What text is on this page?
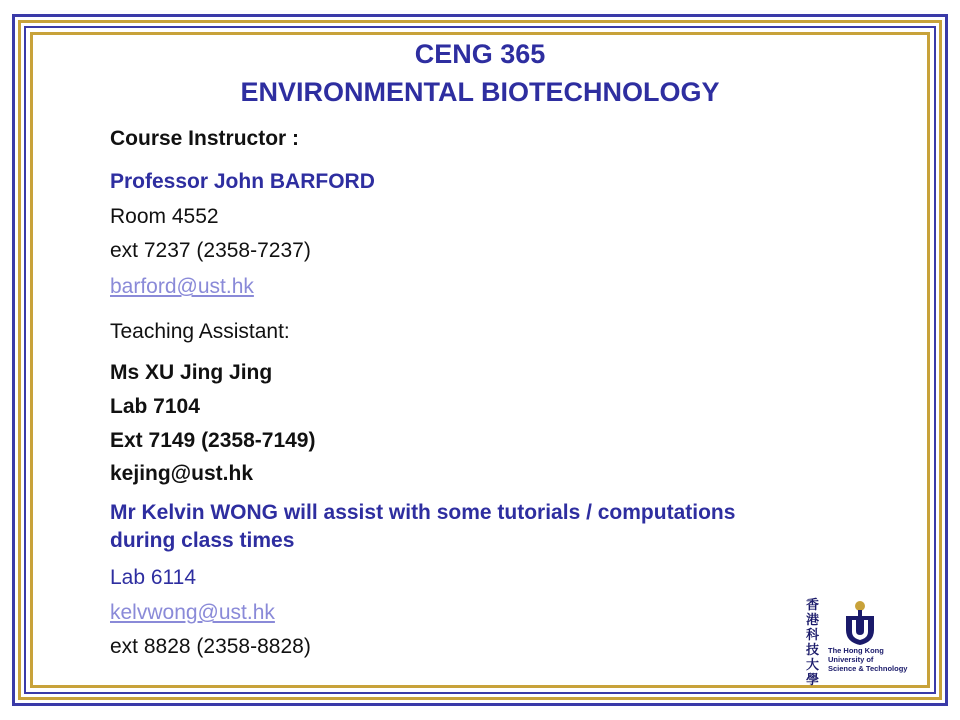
CENG 365
ENVIRONMENTAL BIOTECHNOLOGY
Course Instructor :
Professor John BARFORD
Room 4552
ext 7237 (2358-7237)
barford@ust.hk
Teaching Assistant:
Ms XU Jing Jing
Lab 7104
Ext 7149 (2358-7149)
kejing@ust.hk
Mr Kelvin WONG will assist with some tutorials / computations
during class times
Lab 6114
kelvwong@ust.hk
ext 8828 (2358-8828)
香
港
科
技
大
學
The Hong Kong
University of
Science & Technology
